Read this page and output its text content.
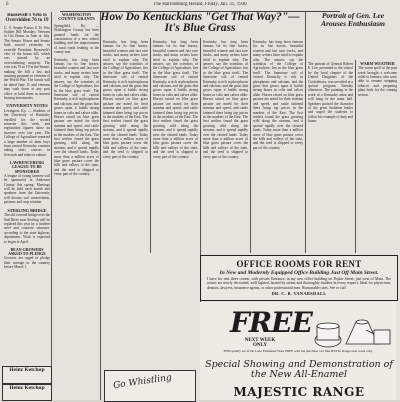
6	The Harrodsburg Herald, Friday, Jan. 31, 1936
Roosevelt's Veto Is Overridden 76 to 19
U. S. Senate Passes It To Veto Soldier Bill Monday; Veterans to Get Bonus in June or July. The Senate, House and Senate both moved yesterday to override President Roosevelt's veto of the bonus bill, which was passed by an overwhelming majority. The vote was 76 to 19 in the Senate, making the bill a law and assuring payment to veterans of the World War. The bonds will be dated June 15 and veterans may cash them at any post office or hold them as interest bearing investments.
UNIVERSITY NOTES
Lexington, Ky. — Students of the University of Kentucky enrolled for the second semester this week, and registration figures show an increase over last year. The College of Agriculture reported a large number of farm boys from central Kentucky counties taking short courses in livestock and tobacco culture.
LAWRENCEBURG LEAGUE TO BE SPONSORED
A league of young farmers will be sponsored in Anderson County this spring. Meetings will be held each month and speakers from the University will discuss soil conservation, pastures and crop rotation.
STERLING BRIDGE
The old covered bridge over the Salt River near Sterling will be replaced this year by a modern steel and concrete structure, according to the state highway department. Work is expected to begin in April.
BEAN GROWERS ASKED TO PLEDGE
Growers are urged to pledge their acreage to the cannery before March 1.
WASHINGTON COUNTY GRANTS
Springfield, Ky. — Washington County has been granted funds for the construction of a new school building and the improvement of rural roads leading to the county seat.
Kentucky has long been famous for its fine horses, beautiful women and fast race tracks, and many writers have tried to explain why. The answer, say the scientists of the College of Agriculture, lies in the blue grass itself. The limestone soil of central Kentucky is rich in phosphorus and calcium, and the grass that grows upon it builds strong bones in colts and calves alike. Horses raised on blue grass pasture are noted for their stamina and speed, and cattle fattened there bring top prices in the markets of the East. The first settlers found the grass growing wild along the streams, and it spread rapidly over the cleared lands. Today more than a million acres of blue grass pasture cover the hills and valleys of the state, and the seed is shipped to every part of the country.
How Do Kentuckians "Get That Way?"—It's Blue Grass
Kentucky has long been famous for its fine horses, beautiful women and fast race tracks, and many writers have tried to explain why. The answer, say the scientists of the College of Agriculture, lies in the blue grass itself. The limestone soil of central Kentucky is rich in phosphorus and calcium, and the grass that grows upon it builds strong bones in colts and calves alike. Horses raised on blue grass pasture are noted for their stamina and speed, and cattle fattened there bring top prices in the markets of the East. The first settlers found the grass growing wild along the streams, and it spread rapidly over the cleared lands. Today more than a million acres of blue grass pasture cover the hills and valleys of the state, and the seed is shipped to every part of the country.
Kentucky has long been famous for its fine horses, beautiful women and fast race tracks, and many writers have tried to explain why. The answer, say the scientists of the College of Agriculture, lies in the blue grass itself. The limestone soil of central Kentucky is rich in phosphorus and calcium, and the grass that grows upon it builds strong bones in colts and calves alike. Horses raised on blue grass pasture are noted for their stamina and speed, and cattle fattened there bring top prices in the markets of the East. The first settlers found the grass growing wild along the streams, and it spread rapidly over the cleared lands. Today more than a million acres of blue grass pasture cover the hills and valleys of the state, and the seed is shipped to every part of the country.
Kentucky has long been famous for its fine horses, beautiful women and fast race tracks, and many writers have tried to explain why. The answer, say the scientists of the College of Agriculture, lies in the blue grass itself. The limestone soil of central Kentucky is rich in phosphorus and calcium, and the grass that grows upon it builds strong bones in colts and calves alike. Horses raised on blue grass pasture are noted for their stamina and speed, and cattle fattened there bring top prices in the markets of the East. The first settlers found the grass growing wild along the streams, and it spread rapidly over the cleared lands. Today more than a million acres of blue grass pasture cover the hills and valleys of the state, and the seed is shipped to every part of the country.
Kentucky has long been famous for its fine horses, beautiful women and fast race tracks, and many writers have tried to explain why. The answer, say the scientists of the College of Agriculture, lies in the blue grass itself. The limestone soil of central Kentucky is rich in phosphorus and calcium, and the grass that grows upon it builds strong bones in colts and calves alike. Horses raised on blue grass pasture are noted for their stamina and speed, and cattle fattened there bring top prices in the markets of the East. The first settlers found the grass growing wild along the streams, and it spread rapidly over the cleared lands. Today more than a million acres of blue grass pasture cover the hills and valleys of the state, and the seed is shipped to every part of the country.
Portrait of Gen. Lee Arouses Enthusiasm
The portrait of General Robert E. Lee, presented to the school by the local chapter of the United Daughters of the Confederacy, was unveiled at a special program Tuesday afternoon. The painting is the work of a Kentucky artist and will hang in the main hall. Speakers praised the character of the great Southern leader and urged the students to follow his example of duty and honor.
WARM WEATHER
The warm spell of the past week brought a welcome relief to farmers, who were able to resume stripping tobacco and preparing plant beds for the coming season.
OFFICE ROOMS FOR RENT
In New and Modernly Equipped Office Building Just Off Main Street.
I have for rent three rooms, with private Entrance, in my new office building on Poplar Street, just west of Main. The rooms are newly decorated, well lighted, heated by steam and thoroughly modern in every respect. Ideal for physicians, dentists, lawyers, insurance agents, or other professional men. Reasonable rates. See or call
DR. C. B. VANARSDALL
FREE
NEXT WEEK ONLY
THIS quality set of De Luxe Enameled Ware FREE with the purchase of a MAJESTIC Range next week only.
Special Showing and Demonstration of the New All-Enamel
MAJESTIC RANGE
Heinz Ketchup
Heinz Ketchup	Go Whistling
